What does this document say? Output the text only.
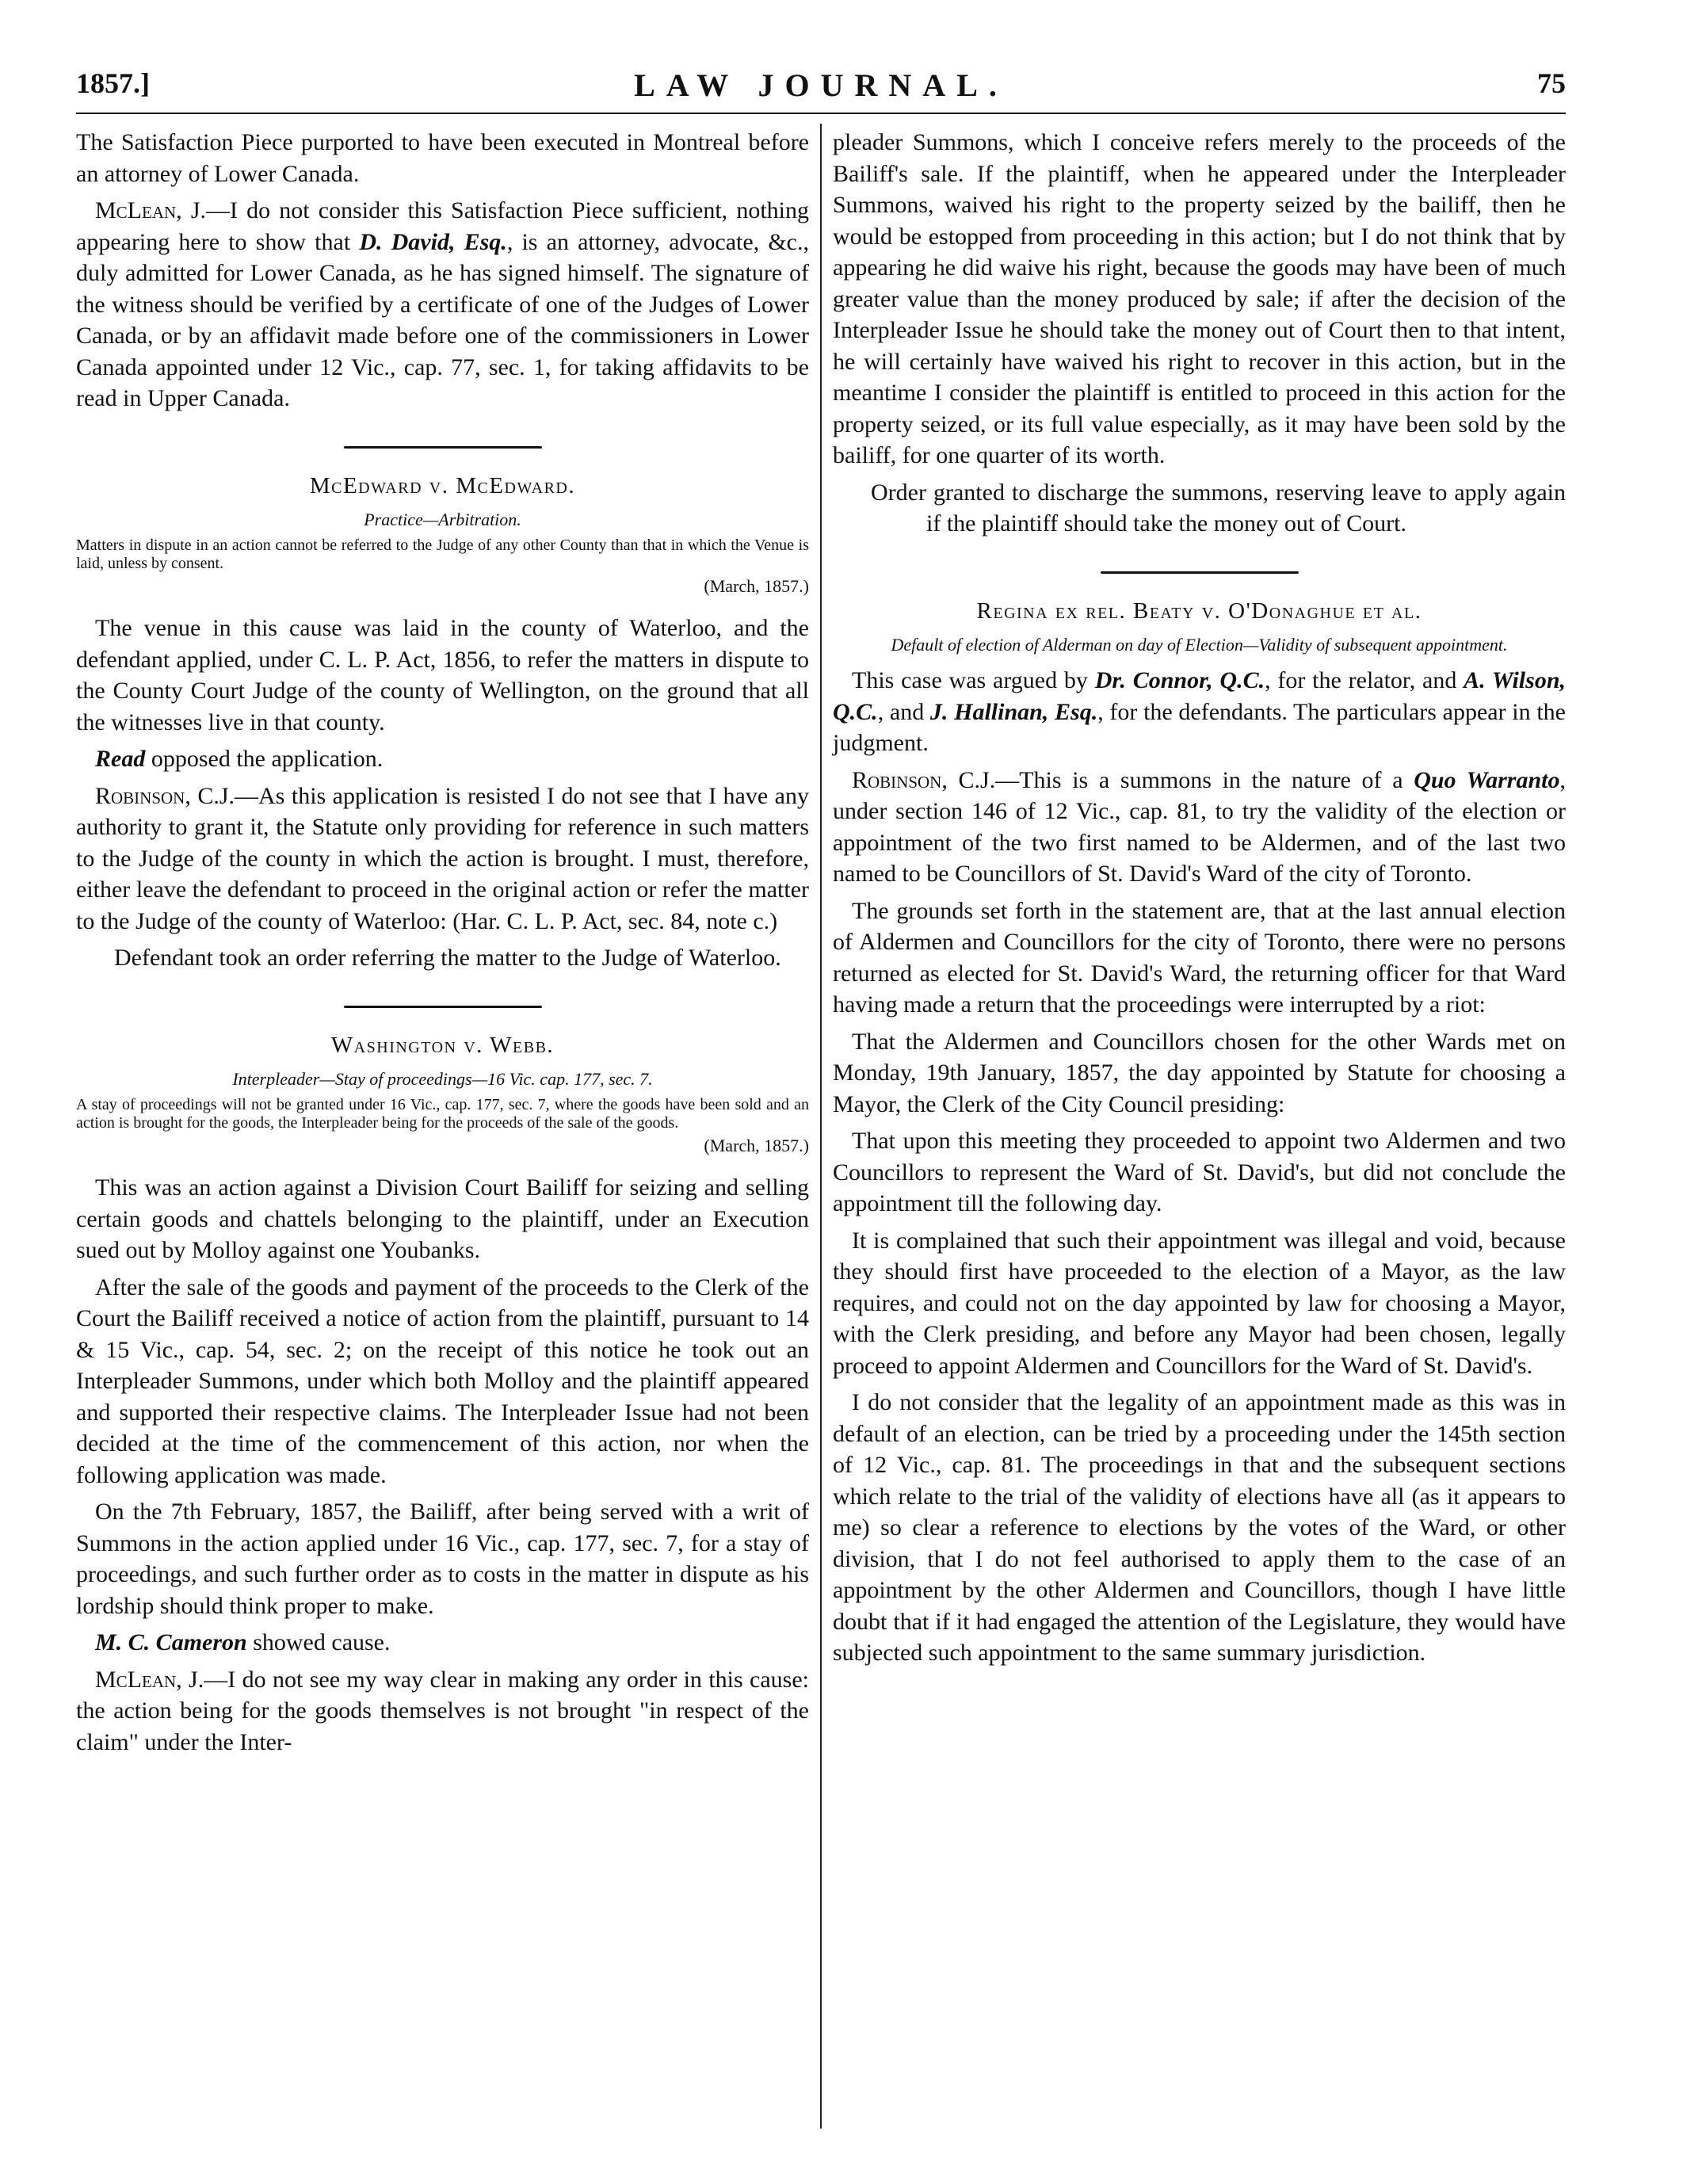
1857.]	LAW JOURNAL.	75

The Satisfaction Piece purported to have been executed in Montreal before an attorney of Lower Canada.

McLean, J.—I do not consider this Satisfaction Piece sufficient, nothing appearing here to show that D. David, Esq., is an attorney, advocate, &c., duly admitted for Lower Canada, as he has signed himself. The signature of the witness should be verified by a certificate of one of the Judges of Lower Canada, or by an affidavit made before one of the commissioners in Lower Canada appointed under 12 Vic., cap. 77, sec. 1, for taking affidavits to be read in Upper Canada.

McEdward v. McEdward.

Practice—Arbitration.

Matters in dispute in an action cannot be referred to the Judge of any other County than that in which the Venue is laid, unless by consent.

(March, 1857.)

The venue in this cause was laid in the county of Waterloo, and the defendant applied, under C. L. P. Act, 1856, to refer the matters in dispute to the County Court Judge of the county of Wellington, on the ground that all the witnesses live in that county.

Read opposed the application.

Robinson, C.J.—As this application is resisted I do not see that I have any authority to grant it, the Statute only providing for reference in such matters to the Judge of the county in which the action is brought. I must, therefore, either leave the defendant to proceed in the original action or refer the matter to the Judge of the county of Waterloo: (Har. C. L. P. Act, sec. 84, note c.)

Defendant took an order referring the matter to the Judge of Waterloo.

Washington v. Webb.

Interpleader—Stay of proceedings—16 Vic. cap. 177, sec. 7.

A stay of proceedings will not be granted under 16 Vic., cap. 177, sec. 7, where the goods have been sold and an action is brought for the goods, the Interpleader being for the proceeds of the sale of the goods.

(March, 1857.)

This was an action against a Division Court Bailiff for seizing and selling certain goods and chattels belonging to the plaintiff, under an Execution sued out by Molloy against one Youbanks.

After the sale of the goods and payment of the proceeds to the Clerk of the Court the Bailiff received a notice of action from the plaintiff, pursuant to 14 & 15 Vic., cap. 54, sec. 2; on the receipt of this notice he took out an Interpleader Summons, under which both Molloy and the plaintiff appeared and supported their respective claims. The Interpleader Issue had not been decided at the time of the commencement of this action, nor when the following application was made.

On the 7th February, 1857, the Bailiff, after being served with a writ of Summons in the action applied under 16 Vic., cap. 177, sec. 7, for a stay of proceedings, and such further order as to costs in the matter in dispute as his lordship should think proper to make.

M. C. Cameron showed cause.

McLean, J.—I do not see my way clear in making any order in this cause: the action being for the goods themselves is not brought "in respect of the claim" under the Inter-

pleader Summons, which I conceive refers merely to the proceeds of the Bailiff's sale. If the plaintiff, when he appeared under the Interpleader Summons, waived his right to the property seized by the bailiff, then he would be estopped from proceeding in this action; but I do not think that by appearing he did waive his right, because the goods may have been of much greater value than the money produced by sale; if after the decision of the Interpleader Issue he should take the money out of Court then to that intent, he will certainly have waived his right to recover in this action, but in the meantime I consider the plaintiff is entitled to proceed in this action for the property seized, or its full value especially, as it may have been sold by the bailiff, for one quarter of its worth.

Order granted to discharge the summons, reserving leave to apply again if the plaintiff should take the money out of Court.

Regina ex rel. Beaty v. O'Donaghue et al.

Default of election of Alderman on day of Election—Validity of subsequent appointment.

This case was argued by Dr. Connor, Q.C., for the relator, and A. Wilson, Q.C., and J. Hallinan, Esq., for the defendants. The particulars appear in the judgment.

Robinson, C.J.—This is a summons in the nature of a Quo Warranto, under section 146 of 12 Vic., cap. 81, to try the validity of the election or appointment of the two first named to be Aldermen, and of the last two named to be Councillors of St. David's Ward of the city of Toronto.

The grounds set forth in the statement are, that at the last annual election of Aldermen and Councillors for the city of Toronto, there were no persons returned as elected for St. David's Ward, the returning officer for that Ward having made a return that the proceedings were interrupted by a riot:

That the Aldermen and Councillors chosen for the other Wards met on Monday, 19th January, 1857, the day appointed by Statute for choosing a Mayor, the Clerk of the City Council presiding:

That upon this meeting they proceeded to appoint two Aldermen and two Councillors to represent the Ward of St. David's, but did not conclude the appointment till the following day.

It is complained that such their appointment was illegal and void, because they should first have proceeded to the election of a Mayor, as the law requires, and could not on the day appointed by law for choosing a Mayor, with the Clerk presiding, and before any Mayor had been chosen, legally proceed to appoint Aldermen and Councillors for the Ward of St. David's.

I do not consider that the legality of an appointment made as this was in default of an election, can be tried by a proceeding under the 145th section of 12 Vic., cap. 81. The proceedings in that and the subsequent sections which relate to the trial of the validity of elections have all (as it appears to me) so clear a reference to elections by the votes of the Ward, or other division, that I do not feel authorised to apply them to the case of an appointment by the other Aldermen and Councillors, though I have little doubt that if it had engaged the attention of the Legislature, they would have subjected such appointment to the same summary jurisdiction.
